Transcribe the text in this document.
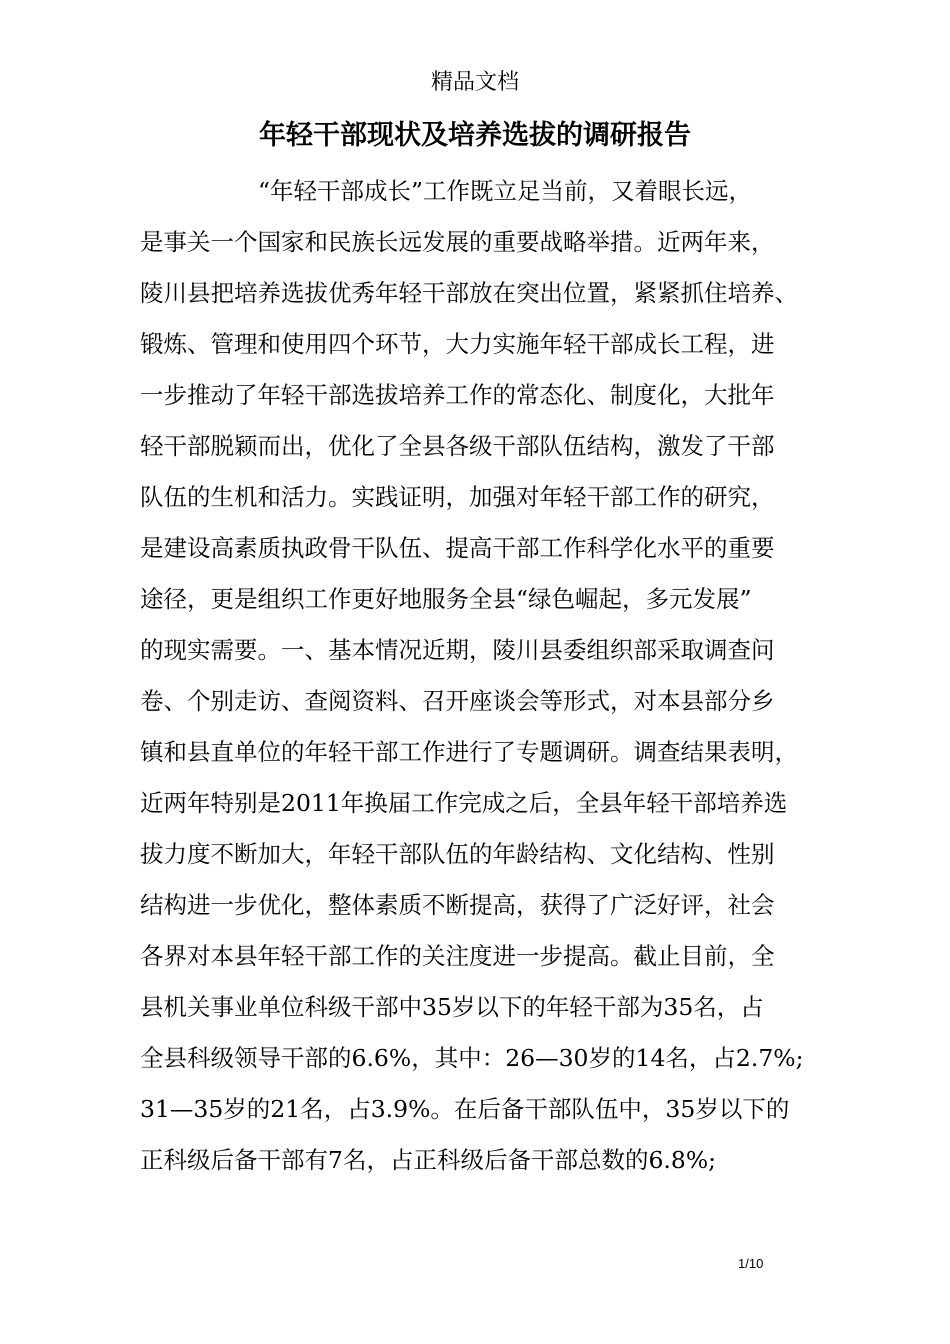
精品文档
年轻干部现状及培养选拔的调研报告
“年轻干部成长”工作既立足当前，又着眼长远，
是事关一个国家和民族长远发展的重要战略举措。近两年来，
陵川县把培养选拔优秀年轻干部放在突出位置，紧紧抓住培养、
锻炼、管理和使用四个环节，大力实施年轻干部成长工程，进
一步推动了年轻干部选拔培养工作的常态化、制度化，大批年
轻干部脱颖而出，优化了全县各级干部队伍结构，激发了干部
队伍的生机和活力。实践证明，加强对年轻干部工作的研究，
是建设高素质执政骨干队伍、提高干部工作科学化水平的重要
途径，更是组织工作更好地服务全县“绿色崛起，多元发展”
的现实需要。一、基本情况近期，陵川县委组织部采取调查问
卷、个别走访、查阅资料、召开座谈会等形式，对本县部分乡
镇和县直单位的年轻干部工作进行了专题调研。调查结果表明，
近两年特别是2011年换届工作完成之后，全县年轻干部培养选
拔力度不断加大，年轻干部队伍的年龄结构、文化结构、性别
结构进一步优化，整体素质不断提高，获得了广泛好评，社会
各界对本县年轻干部工作的关注度进一步提高。截止目前，全
县机关事业单位科级干部中35岁以下的年轻干部为35名，占
全县科级领导干部的6.6%，其中：26—30岁的14名，占2.7%;
31—35岁的21名，占3.9%。在后备干部队伍中，35岁以下的
正科级后备干部有7名，占正科级后备干部总数的6.8%;
1/10
